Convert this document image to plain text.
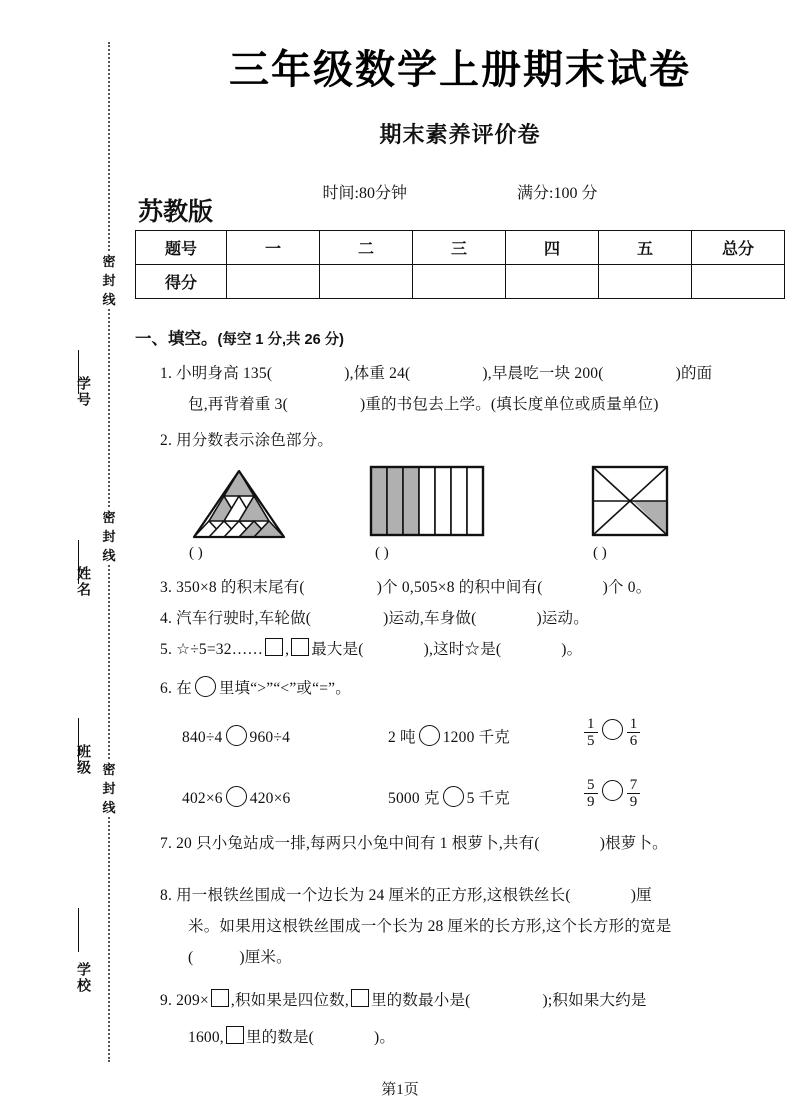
密封线
密封线
密封线
学号
姓名
班级
学校
三年级数学上册期末试卷
期末素养评价卷
时间:80分钟	满分:100 分
苏教版
题号	一	二	三	四	五	总分
得分						
一、填空。(每空 1 分,共 26 分)
1. 小明身高 135(	),体重 24(	),早晨吃一块 200(	)的面
包,再背着重 3(	)重的书包去上学。(填长度单位或质量单位)
2. 用分数表示涂色部分。
( )	( )	( )
3. 350×8 的积末尾有(	)个 0,505×8 的积中间有(	)个 0。
4. 汽车行驶时,车轮做(	)运动,车身做(	)运动。
5. ☆÷5=32…… , 最大是(	),这时☆是(	)。
6. 在 里填“>”“<”或“=”。
840÷4 960÷4	2 吨 1200 千克	$\frac{1}{5} \frac{1}{6}$
402×6 420×6	5000 克 5 千克	$\frac{5}{9} \frac{7}{9}$
7. 20 只小兔站成一排,每两只小兔中间有 1 根萝卜,共有(	)根萝卜。
8. 用一根铁丝围成一个边长为 24 厘米的正方形,这根铁丝长(	)厘
米。如果用这根铁丝围成一个长为 28 厘米的长方形,这个长方形的宽是
(	)厘米。
9. 209× ,积如果是四位数, 里的数最小是(	);积如果大约是
1600, 里的数是(	)。
第1页
